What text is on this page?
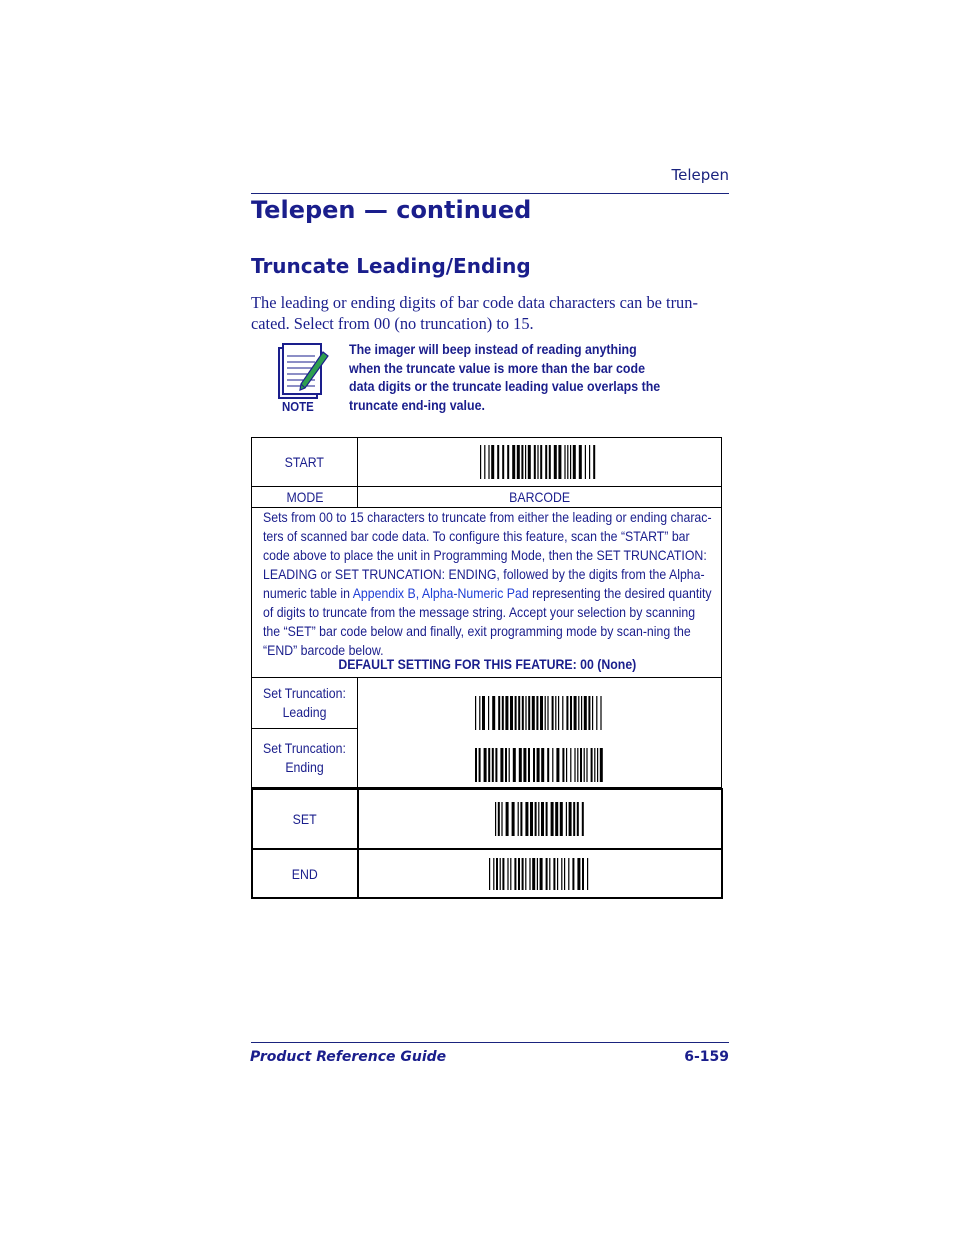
Telepen
Telepen — continued
Truncate Leading/Ending

The leading or ending digits of bar code data characters can be trun-cated. Select from 00 (no truncation) to 15.

NOTE

The imager will beep instead of reading anything when the truncate value is more than the bar code data digits or the truncate leading value overlaps the truncate end-ing value.

START
MODE	BARCODE

Sets from 00 to 15 characters to truncate from either the leading or ending charac-ters of scanned bar code data. To configure this feature, scan the “START” bar code above to place the unit in Programming Mode, then the SET TRUNCATION: LEADING or SET TRUNCATION: ENDING, followed by the digits from the Alpha-numeric table in Appendix B, Alpha-Numeric Pad representing the desired quantity of digits to truncate from the message string. Accept your selection by scanning the “SET” bar code below and finally, exit programming mode by scan-ning the “END” barcode below.

DEFAULT SETTING FOR THIS FEATURE: 00 (None)
Set Truncation: Leading
Set Truncation: Ending
SET
END
Product Reference Guide	6-159
